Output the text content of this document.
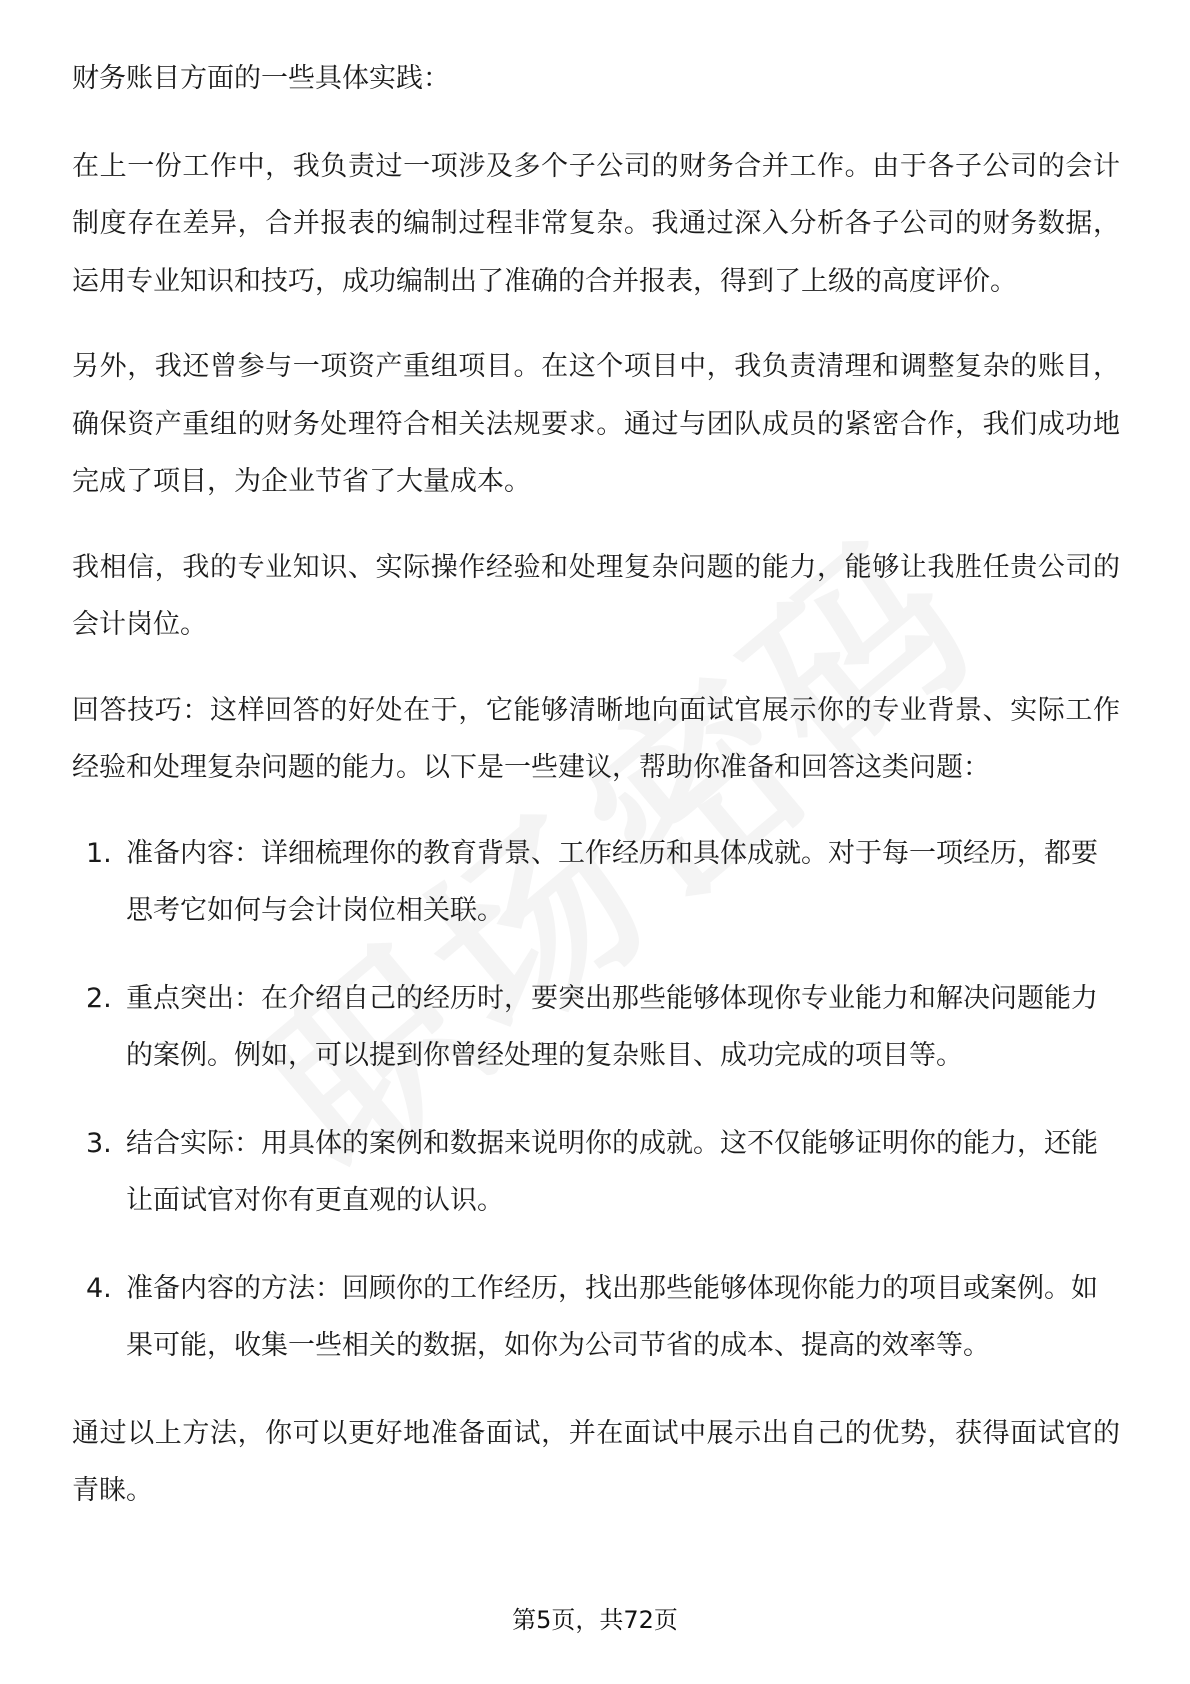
财务账目方面的一些具体实践：

在上一份工作中，我负责过一项涉及多个子公司的财务合并工作。由于各子公司的会计制度存在差异，合并报表的编制过程非常复杂。我通过深入分析各子公司的财务数据，运用专业知识和技巧，成功编制出了准确的合并报表，得到了上级的高度评价。

另外，我还曾参与一项资产重组项目。在这个项目中，我负责清理和调整复杂的账目，确保资产重组的财务处理符合相关法规要求。通过与团队成员的紧密合作，我们成功地完成了项目，为企业节省了大量成本。

我相信，我的专业知识、实际操作经验和处理复杂问题的能力，能够让我胜任贵公司的会计岗位。

回答技巧：这样回答的好处在于，它能够清晰地向面试官展示你的专业背景、实际工作经验和处理复杂问题的能力。以下是一些建议，帮助你准备和回答这类问题：

1. 准备内容：详细梳理你的教育背景、工作经历和具体成就。对于每一项经历，都要思考它如何与会计岗位相关联。
2. 重点突出：在介绍自己的经历时，要突出那些能够体现你专业能力和解决问题能力的案例。例如，可以提到你曾经处理的复杂账目、成功完成的项目等。
3. 结合实际：用具体的案例和数据来说明你的成就。这不仅能够证明你的能力，还能让面试官对你有更直观的认识。
4. 准备内容的方法：回顾你的工作经历，找出那些能够体现你能力的项目或案例。如果可能，收集一些相关的数据，如你为公司节省的成本、提高的效率等。

通过以上方法，你可以更好地准备面试，并在面试中展示出自己的优势，获得面试官的青睐。

第5页，共72页
